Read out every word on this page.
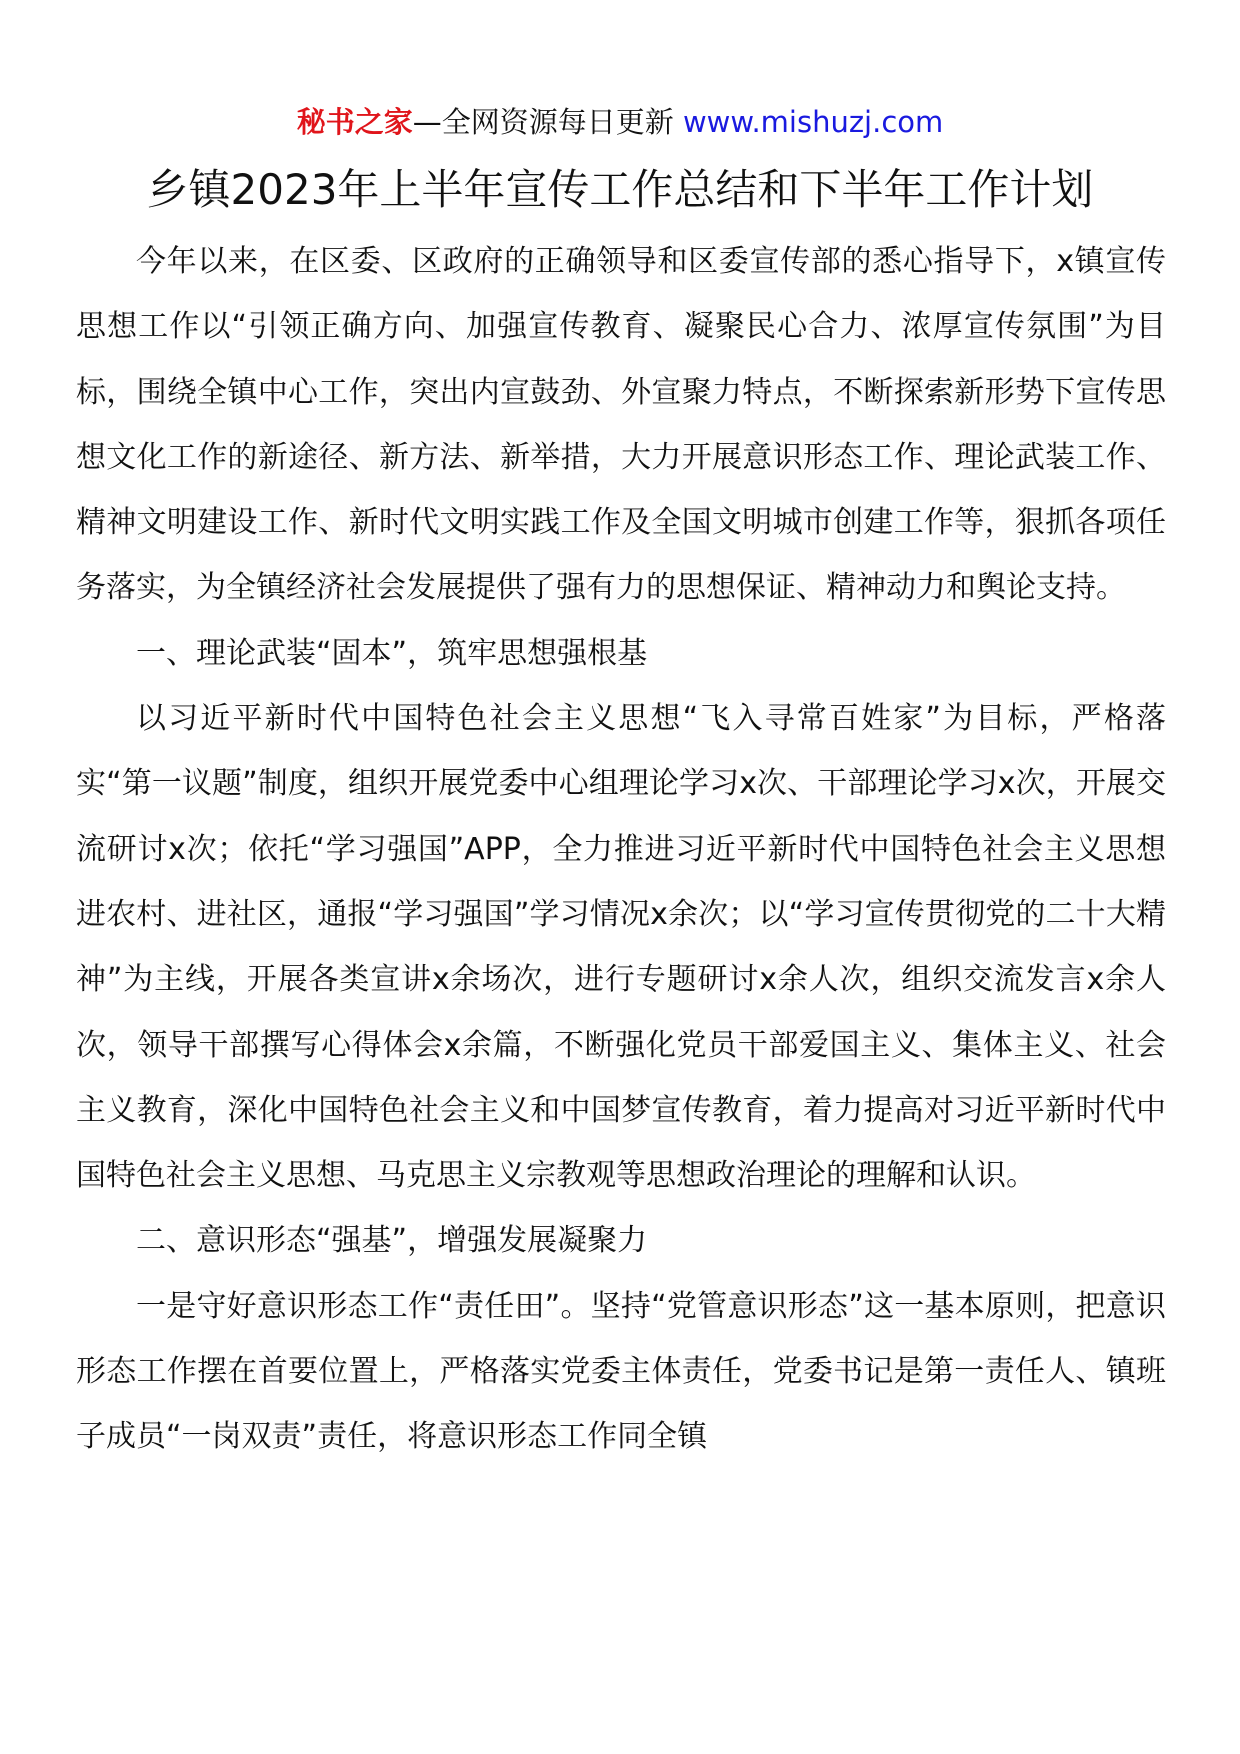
秘书之家—全网资源每日更新 www.mishuzj.com
乡镇2023年上半年宣传工作总结和下半年工作计划

今年以来，在区委、区政府的正确领导和区委宣传部的悉心指导下，x镇宣传思想工作以“引领正确方向、加强宣传教育、凝聚民心合力、浓厚宣传氛围”为目标，围绕全镇中心工作，突出内宣鼓劲、外宣聚力特点，不断探索新形势下宣传思想文化工作的新途径、新方法、新举措，大力开展意识形态工作、理论武装工作、精神文明建设工作、新时代文明实践工作及全国文明城市创建工作等，狠抓各项任务落实，为全镇经济社会发展提供了强有力的思想保证、精神动力和舆论支持。

一、理论武装“固本”，筑牢思想强根基

以习近平新时代中国特色社会主义思想“飞入寻常百姓家”为目标，严格落实“第一议题”制度，组织开展党委中心组理论学习x次、干部理论学习x次，开展交流研讨x次；依托“学习强国”APP，全力推进习近平新时代中国特色社会主义思想进农村、进社区，通报“学习强国”学习情况x余次；以“学习宣传贯彻党的二十大精神”为主线，开展各类宣讲x余场次，进行专题研讨x余人次，组织交流发言x余人次，领导干部撰写心得体会x余篇，不断强化党员干部爱国主义、集体主义、社会主义教育，深化中国特色社会主义和中国梦宣传教育，着力提高对习近平新时代中国特色社会主义思想、马克思主义宗教观等思想政治理论的理解和认识。

二、意识形态“强基”，增强发展凝聚力

一是守好意识形态工作“责任田”。坚持“党管意识形态”这一基本原则，把意识形态工作摆在首要位置上，严格落实党委主体责任，党委书记是第一责任人、镇班子成员“一岗双责”责任，将意识形态工作同全镇
